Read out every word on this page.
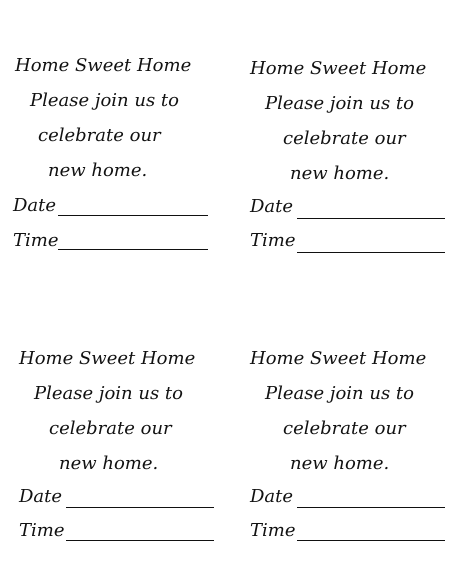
Home Sweet Home
Please join us to
celebrate our
new home.
Date
Time
Home Sweet Home
Please join us to
celebrate our
new home.
Date
Time
Home Sweet Home
Please join us to
celebrate our
new home.
Date
Time
Home Sweet Home
Please join us to
celebrate our
new home.
Date
Time
